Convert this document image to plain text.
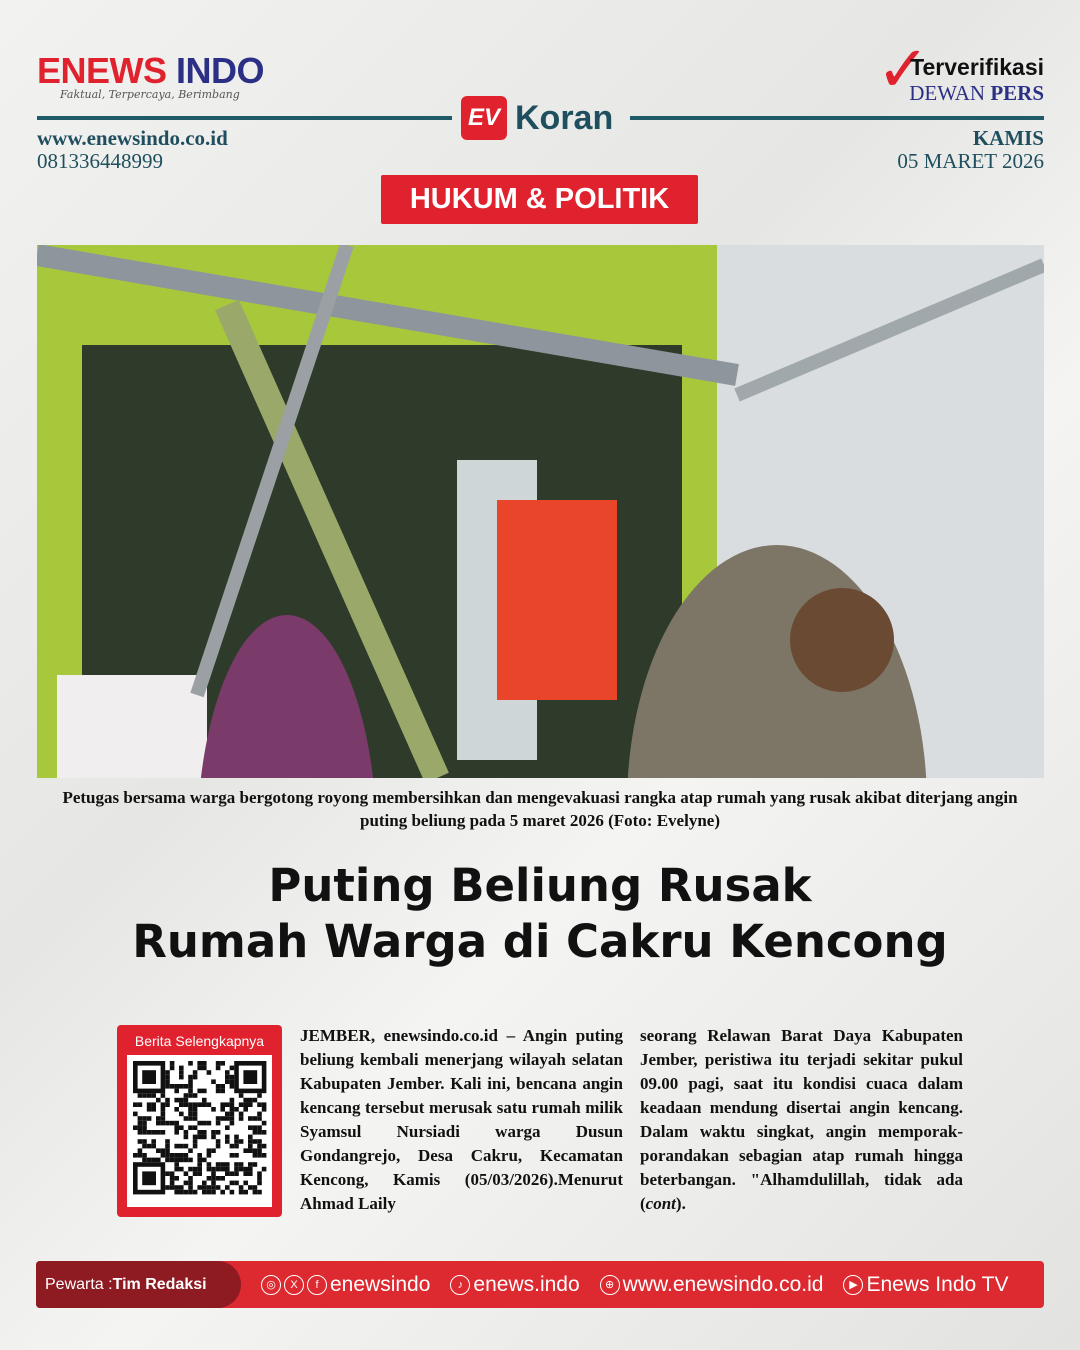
ENEWS INDO
Faktual, Terpercaya, Berimbang	✓
Terverifikasi
DEWAN PERS
EV Koran
www.enewsindo.co.id
081336448999
KAMIS
05 MARET 2026
HUKUM & POLITIK
Petugas bersama warga bergotong royong membersihkan dan mengevakuasi rangka atap rumah yang rusak akibat diterjang angin puting beliung pada 5 maret 2026 (Foto: Evelyne)
Puting Beliung Rusak
Rumah Warga di Cakru Kencong
Berita Selengkapnya	JEMBER, enewsindo.co.id – Angin puting beliung kembali menerjang wilayah selatan Kabupaten Jember. Kali ini, bencana angin kencang tersebut merusak satu rumah milik Syamsul Nursiadi warga Dusun Gondangrejo, Desa Cakru, Kecamatan Kencong, Kamis (05/03/2026).Menurut Ahmad Laily
seorang Relawan Barat Daya Kabupaten Jember, peristiwa itu terjadi sekitar pukul 09.00 pagi, saat itu kondisi cuaca dalam keadaan mendung disertai angin kencang. Dalam waktu singkat, angin memporak-porandakan sebagian atap rumah hingga beterbangan. "Alhamdulillah, tidak ada (cont).
Pewarta : Tim Redaksi	◎	X	f enewsindo	♪ enews.indo	⊕ www.enewsindo.co.id	▶ Enews Indo TV
